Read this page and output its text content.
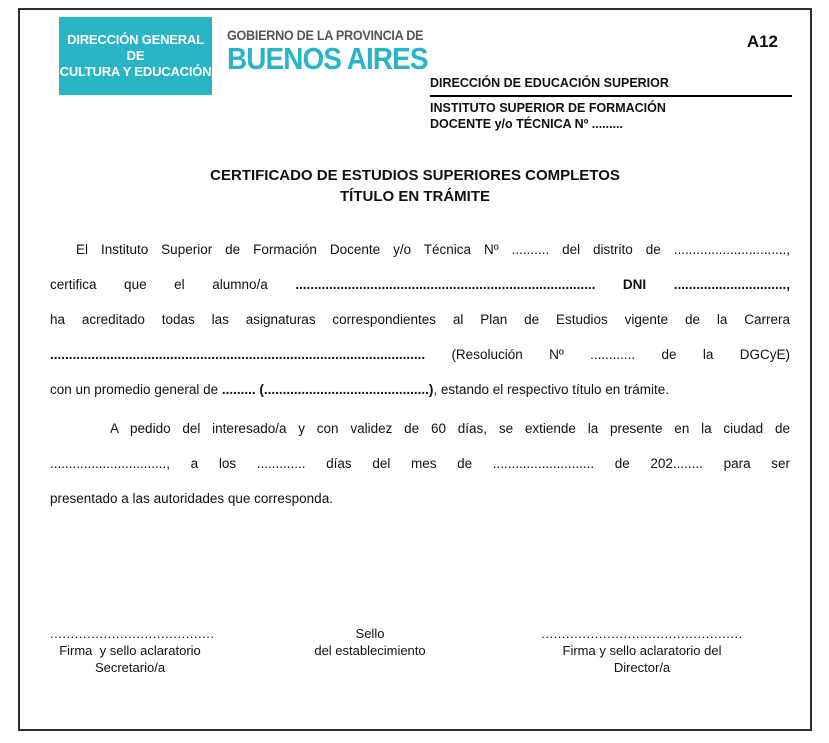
DIRECCIÓN GENERAL DE
CULTURA Y EDUCACIÓN
GOBIERNO DE LA PROVINCIA DE
BUENOS AIRES	A12
DIRECCIÓN DE EDUCACIÓN SUPERIOR
INSTITUTO SUPERIOR DE FORMACIÓN
DOCENTE y/o TÉCNICA Nº .........
CERTIFICADO DE ESTUDIOS SUPERIORES COMPLETOS
TÍTULO EN TRÁMITE
El Instituto Superior de Formación Docente y/o Técnica Nº .......... del distrito de ..............................,
certifica que el alumno/a ................................................................................ DNI ..............................,
ha acreditado todas las asignaturas correspondientes al Plan de Estudios vigente de la Carrera
.................................................................................................... (Resolución Nº ............ de la DGCyE)
con un promedio general de ......... (............................................), estando el respectivo título en trámite.
A pedido del interesado/a y con validez de 60 días, se extiende la presente en la ciudad de
..............................., a los ............. días del mes de ........................... de 202........ para ser
presentado a las autoridades que corresponda.
........................................
Firma  y sello aclaratorio
Secretario/a
Sello
del establecimiento
.................................................
Firma y sello aclaratorio del
Director/a
